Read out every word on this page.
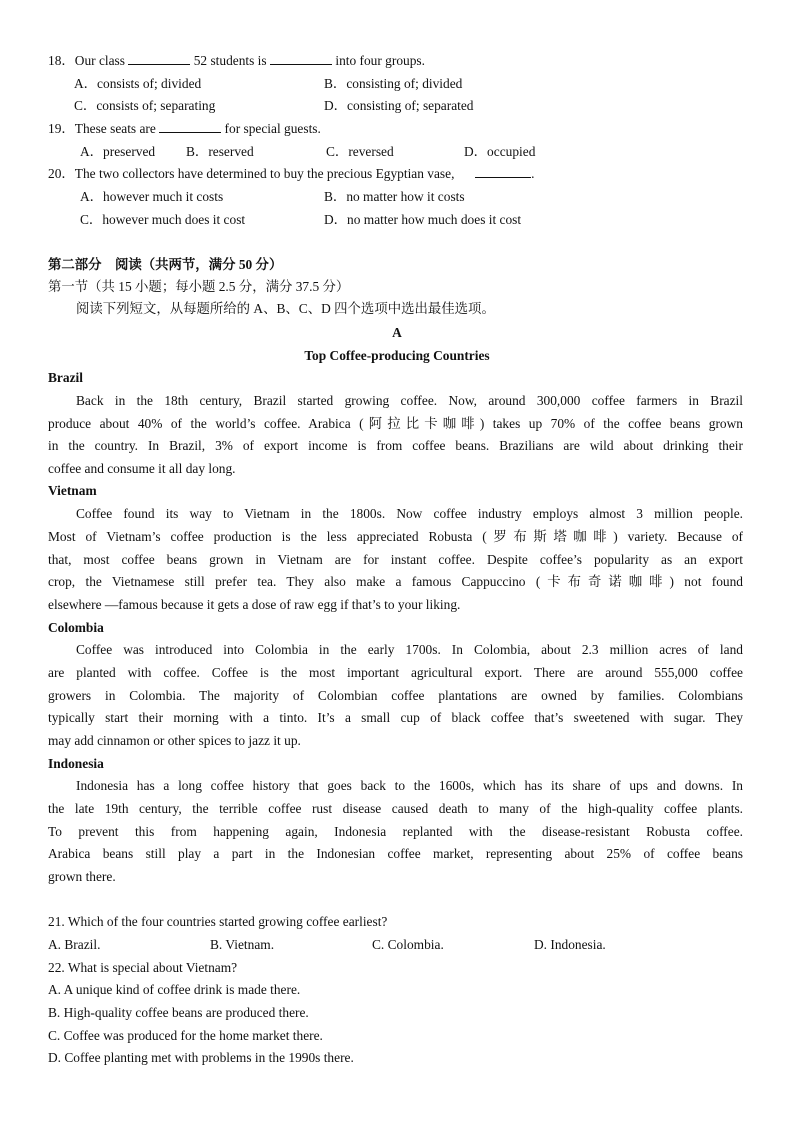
18．Our class	52 students is	into four groups.
A．consists of; divided	B．consisting of; divided
C．consists of; separating	D．consisting of; separated
19．These seats are	for special guests.
A．preserved B．reserved	C．reversed	D．occupied
20．The two collectors have determined to buy the precious Egyptian vase,	.
A．however much it costs	B．no matter how it costs
C．however much does it cost	D．no matter how much does it cost
第二部分　阅读（共两节，满分 50 分）
第一节（共 15 小题；每小题 2.5 分，满分 37.5 分）
阅读下列短文，从每题所给的 A、B、C、D 四个选项中选出最佳选项。
A
Top Coffee-producing Countries
Brazil
Back in the 18th century, Brazil started growing coffee. Now, around 300,000 coffee farmers in Brazil
produce about 40% of the world’s coffee. Arabica (阿拉比卡咖啡) takes up 70% of the coffee beans grown
in the country. In Brazil, 3% of export income is from coffee beans. Brazilians are wild about drinking their
coffee and consume it all day long.
Vietnam
Coffee found its way to Vietnam in the 1800s. Now coffee industry employs almost 3 million people.
Most of Vietnam’s coffee production is the less appreciated Robusta (罗布斯塔咖啡) variety. Because of
that, most coffee beans grown in Vietnam are for instant coffee. Despite coffee’s popularity as an export
crop, the Vietnamese still prefer tea. They also make a famous Cappuccino (卡布奇诺咖啡) not found
elsewhere —famous because it gets a dose of raw egg if that’s to your liking.
Colombia
Coffee was introduced into Colombia in the early 1700s. In Colombia, about 2.3 million acres of land
are planted with coffee. Coffee is the most important agricultural export. There are around 555,000 coffee
growers in Colombia. The majority of Colombian coffee plantations are owned by families. Colombians
typically start their morning with a tinto. It’s a small cup of black coffee that’s sweetened with sugar. They
may add cinnamon or other spices to jazz it up.
Indonesia
Indonesia has a long coffee history that goes back to the 1600s, which has its share of ups and downs. In
the late 19th century, the terrible coffee rust disease caused death to many of the high-quality coffee plants.
To prevent this from happening again, Indonesia replanted with the disease-resistant Robusta coffee.
Arabica beans still play a part in the Indonesian coffee market, representing about 25% of coffee beans
grown there.
21. Which of the four countries started growing coffee earliest?
A. Brazil.	B. Vietnam.	C. Colombia.	D. Indonesia.
22. What is special about Vietnam?
A. A unique kind of coffee drink is made there.
B. High-quality coffee beans are produced there.
C. Coffee was produced for the home market there.
D. Coffee planting met with problems in the 1990s there.
